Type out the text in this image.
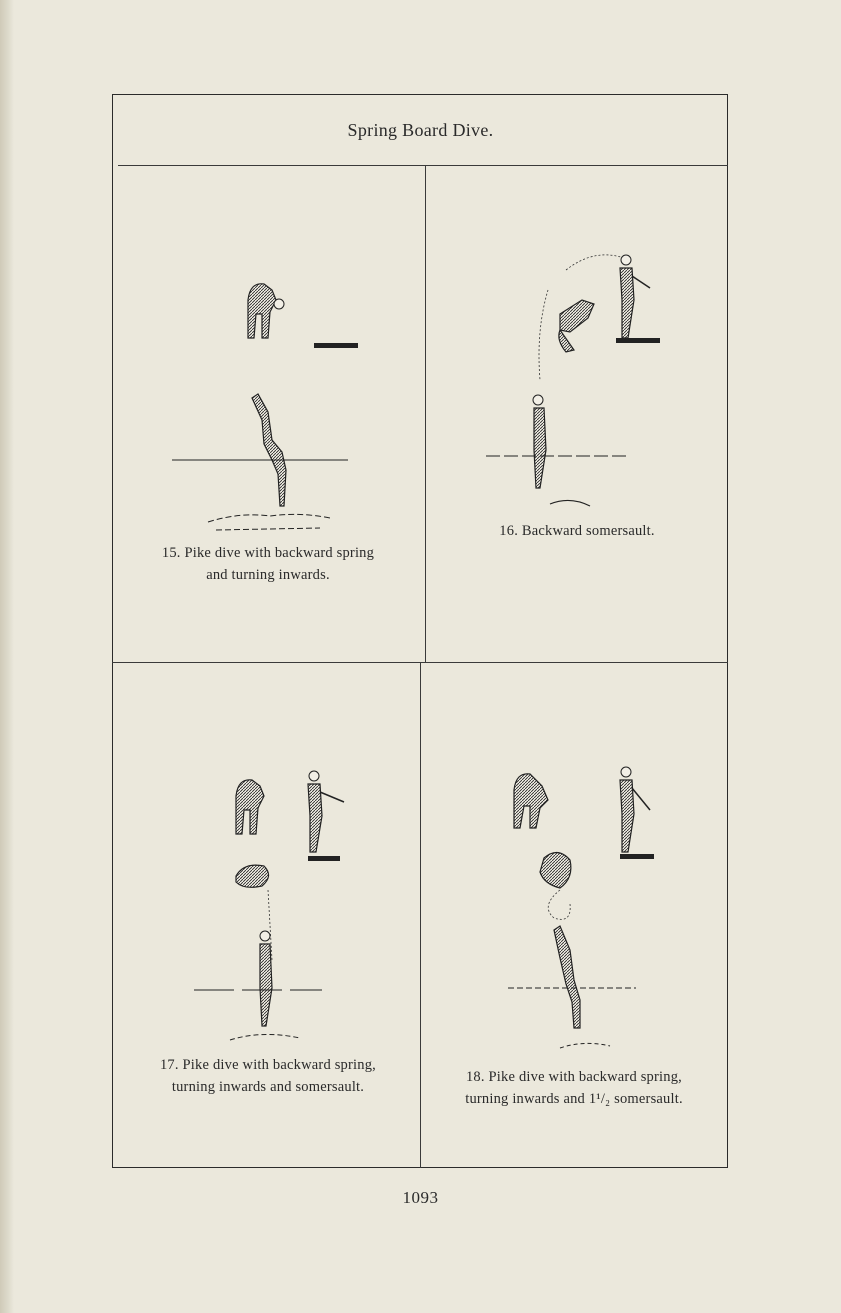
Spring Board Dive.
15. Pike dive with backward spring
and turning inwards.
16. Backward somersault.
17. Pike dive with backward spring,
turning inwards and somersault.
18. Pike dive with backward spring,
turning inwards and 1¹/₂ somersault.
1093
